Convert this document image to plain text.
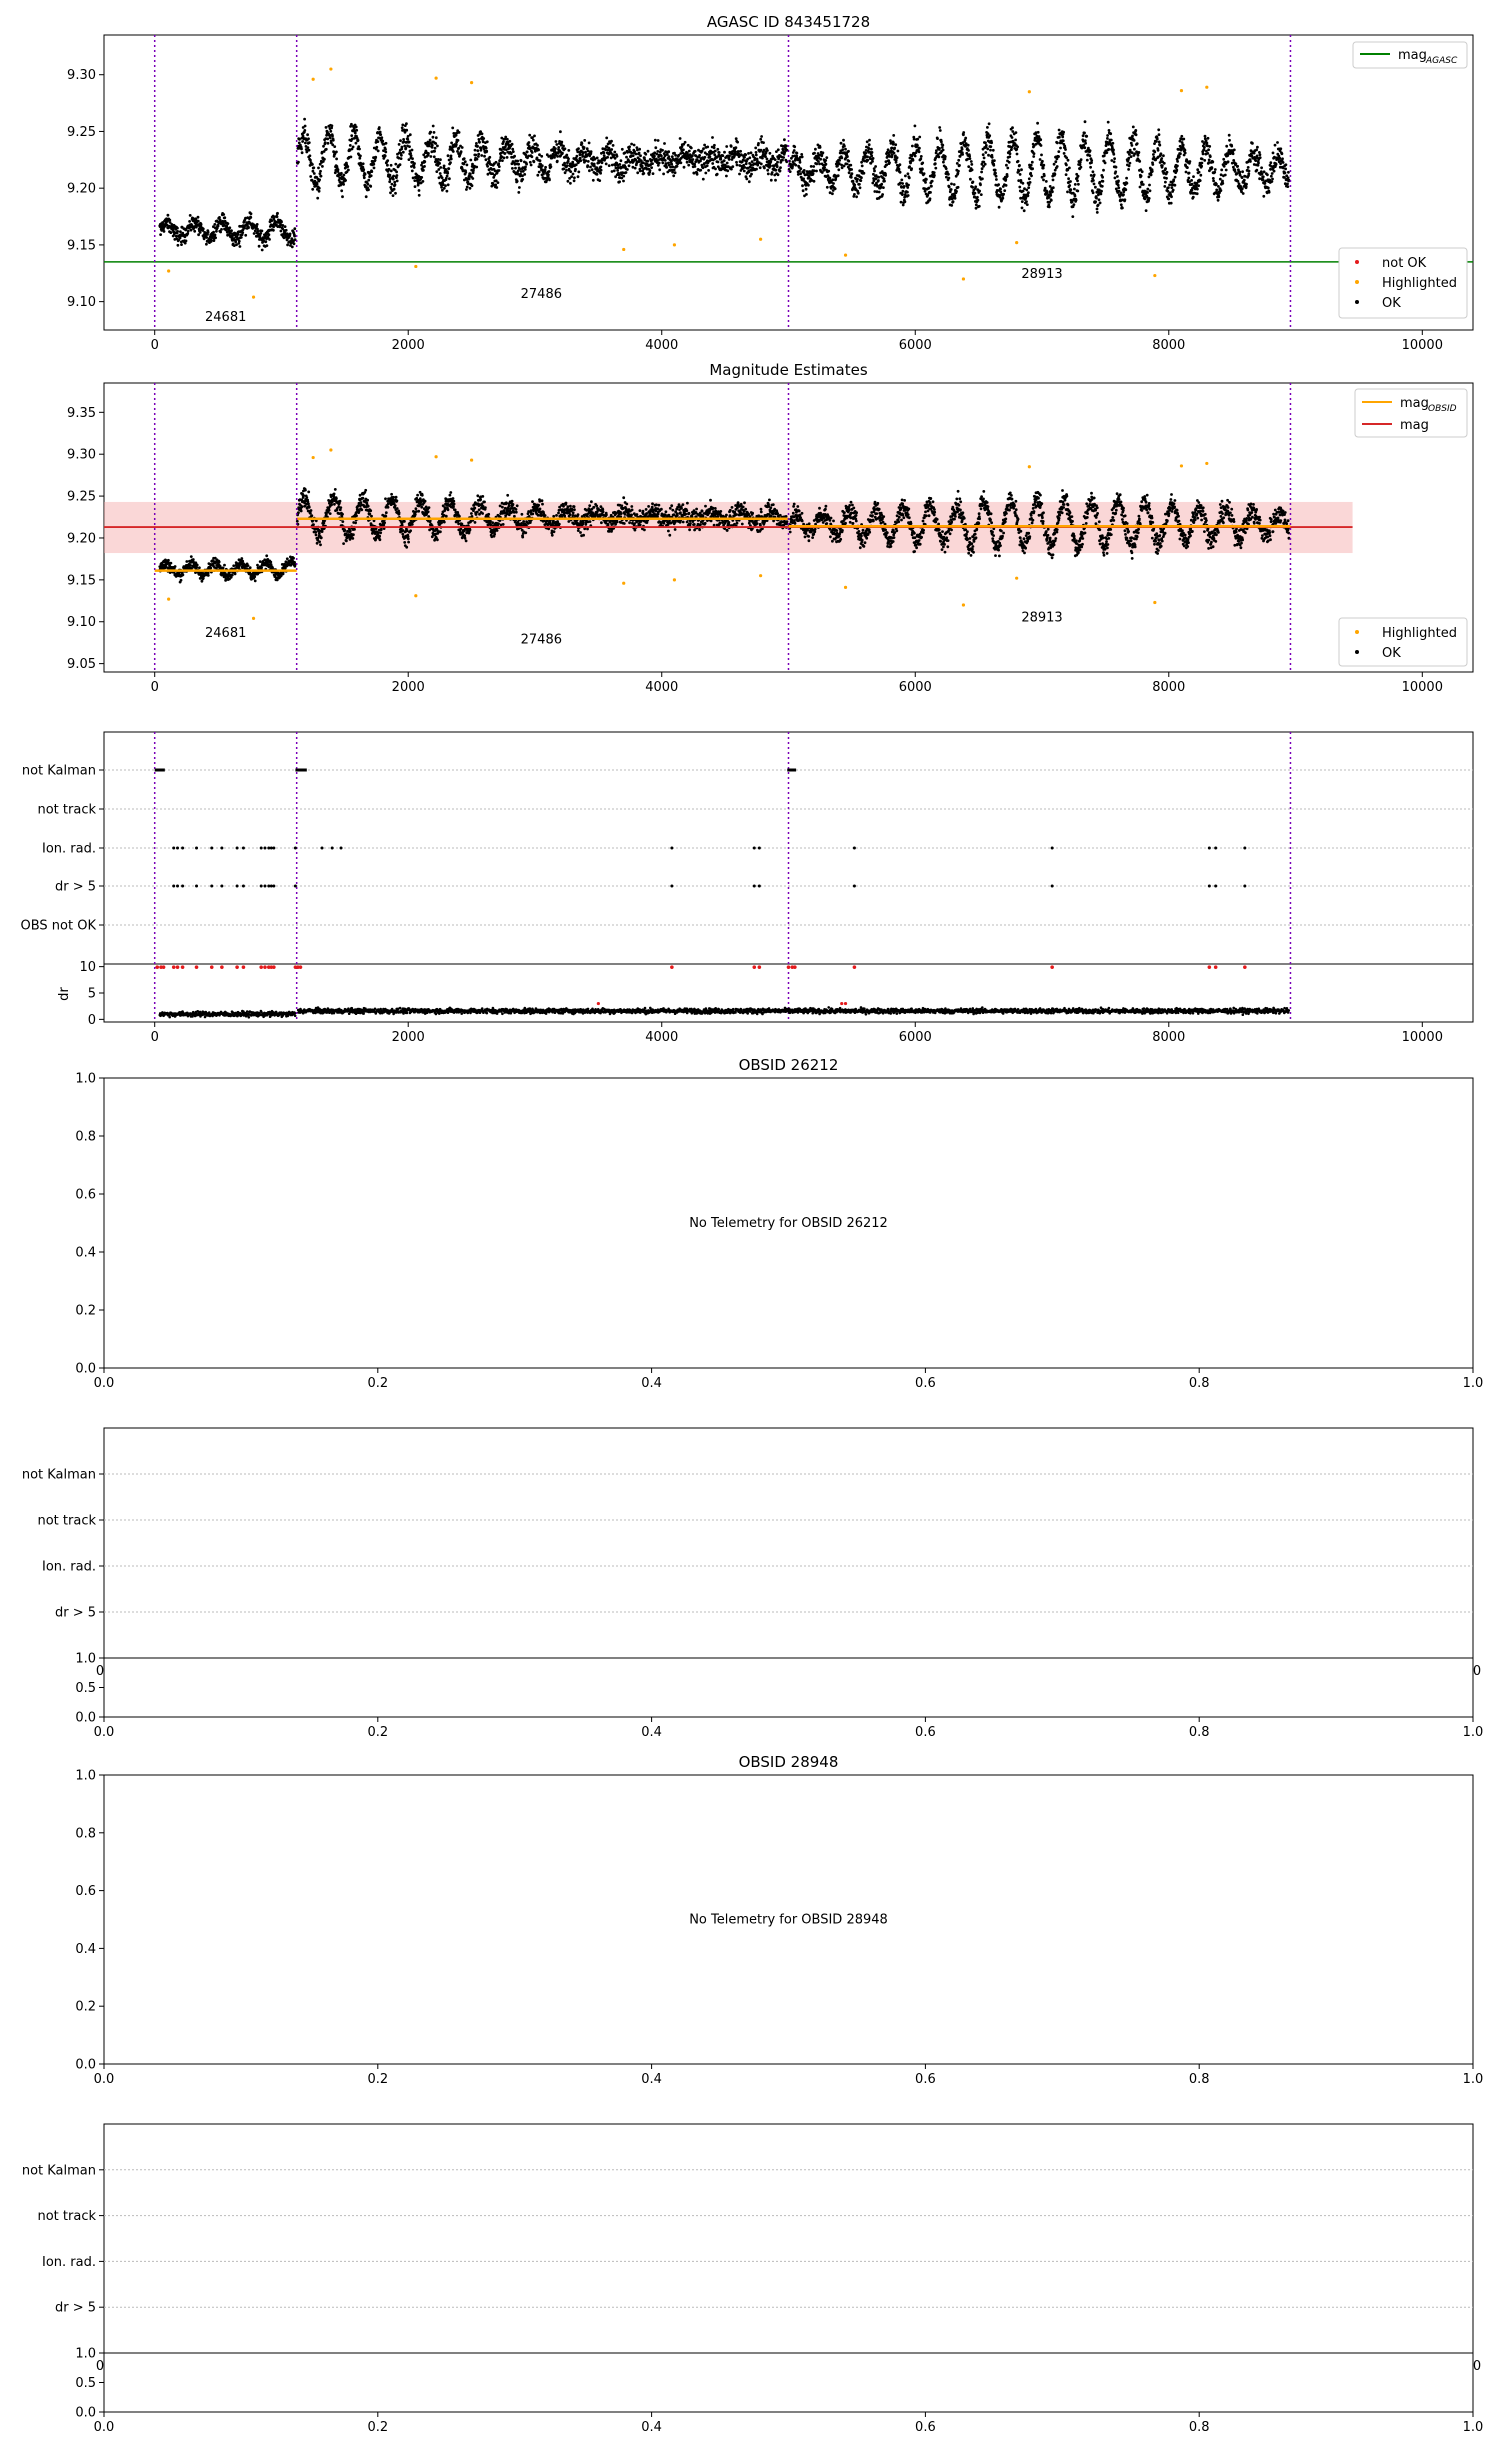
AGASC ID 843451728
24681
27486
28913
0	2000	4000	6000	8000	10000
9.10
9.15
9.20
9.25
9.30
mag AGASC
not OK
Highlighted
OK
Magnitude Estimates
24681	27486
28913
0	2000	4000	6000	8000	10000
9.05
9.10
9.15
9.20
9.25
9.30
9.35
mag OBSID
mag
Highlighted
OK
not Kalman
not track
Ion. rad.
dr > 5
OBS not OK
0
5
10
dr
0	2000	4000	6000	8000	10000
OBSID 26212
No Telemetry for OBSID 26212
0.0	0.2	0.4	0.6	0.8	1.0
0.0
0.2
0.4
0.6
0.8
1.0
not Kalman
not track
Ion. rad.
dr > 5
0	0
0.0
0.5
1.0
0.0	0.2	0.4	0.6	0.8	1.0
OBSID 28948
No Telemetry for OBSID 28948
0.0	0.2	0.4	0.6	0.8	1.0
0.0
0.2
0.4
0.6
0.8
1.0
not Kalman
not track
Ion. rad.
dr > 5
0	0
0.0
0.5
1.0
0.0	0.2	0.4	0.6	0.8	1.0
